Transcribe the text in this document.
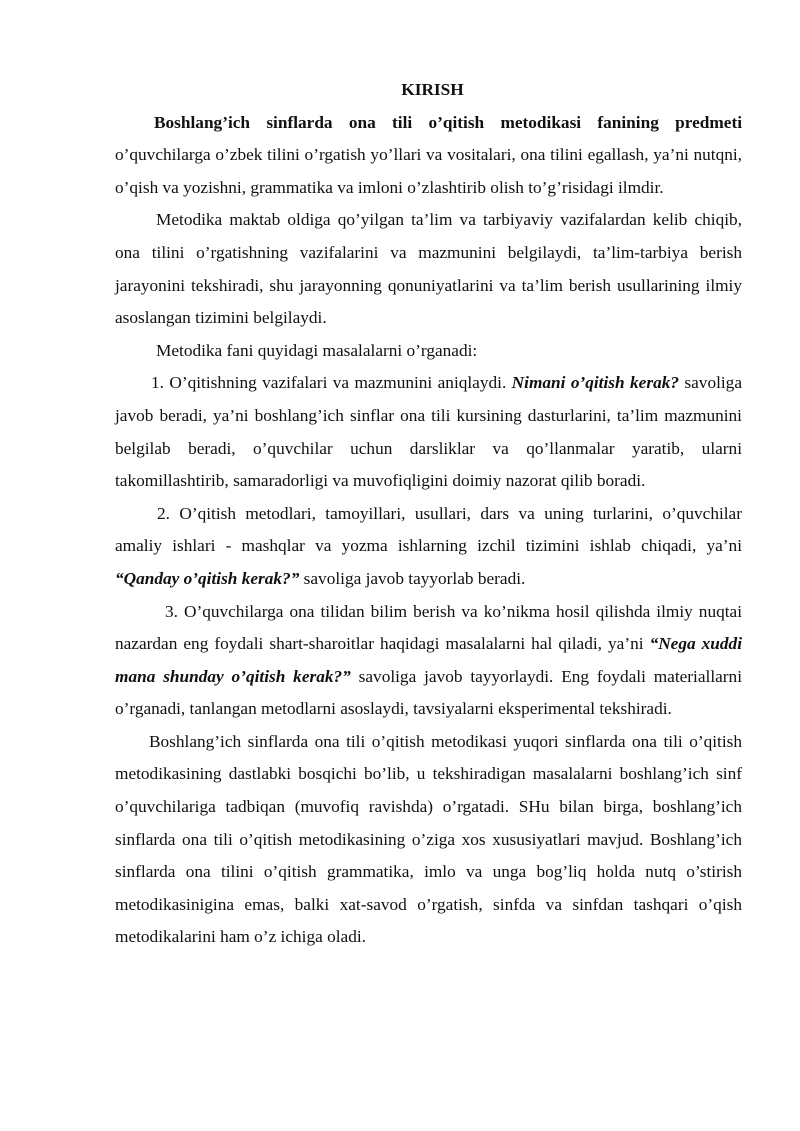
KIRISH

Boshlang’ich sinflarda ona tili o’qitish metodikasi fanining predmeti o’quvchilarga o’zbek tilini o’rgatish yo’llari va vositalari, ona tilini egallash, ya’ni nutqni, o’qish va yozishni, grammatika va imloni o’zlashtirib olish to’g’risidagi ilmdir.

Metodika maktab oldiga qo’yilgan ta’lim va tarbiyaviy vazifalardan kelib chiqib, ona tilini o’rgatishning vazifalarini va mazmunini belgilaydi, ta’lim-tarbiya berish jarayonini tekshiradi, shu jarayonning qonuniyatlarini va ta’lim berish usullarining ilmiy asoslangan tizimini belgilaydi.

Metodika fani quyidagi masalalarni o’rganadi:

1. O’qitishning vazifalari va mazmunini aniqlaydi. Nimani o’qitish kerak? savoliga javob beradi, ya’ni boshlang’ich sinflar ona tili kursining dasturlarini, ta’lim mazmunini belgilab beradi, o’quvchilar uchun darsliklar va qo’llanmalar yaratib, ularni takomillashtirib, samaradorligi va muvofiqligini doimiy nazorat qilib boradi.

2. O’qitish metodlari, tamoyillari, usullari, dars va uning turlarini, o’quvchilar amaliy ishlari - mashqlar va yozma ishlarning izchil tizimini ishlab chiqadi, ya’ni “Qanday o’qitish kerak?” savoliga javob tayyorlab beradi.

3. O’quvchilarga ona tilidan bilim berish va ko’nikma hosil qilishda ilmiy nuqtai nazardan eng foydali shart-sharoitlar haqidagi masalalarni hal qiladi, ya’ni “Nega xuddi mana shunday o’qitish kerak?” savoliga javob tayyorlaydi. Eng foydali materiallarni o’rganadi, tanlangan metodlarni asoslaydi, tavsiyalarni eksperimental tekshiradi.

Boshlang’ich sinflarda ona tili o’qitish metodikasi yuqori sinflarda ona tili o’qitish metodikasining dastlabki bosqichi bo’lib, u tekshiradigan masalalarni boshlang’ich sinf o’quvchilariga tadbiqan (muvofiq ravishda) o’rgatadi. SHu bilan birga, boshlang’ich sinflarda ona tili o’qitish metodikasining o’ziga xos xususiyatlari mavjud. Boshlang’ich sinflarda ona tilini o’qitish grammatika, imlo va unga bog’liq holda nutq o’stirish metodikasinigina emas, balki xat-savod o’rgatish, sinfda va sinfdan tashqari o’qish metodikalarini ham o’z ichiga oladi.
